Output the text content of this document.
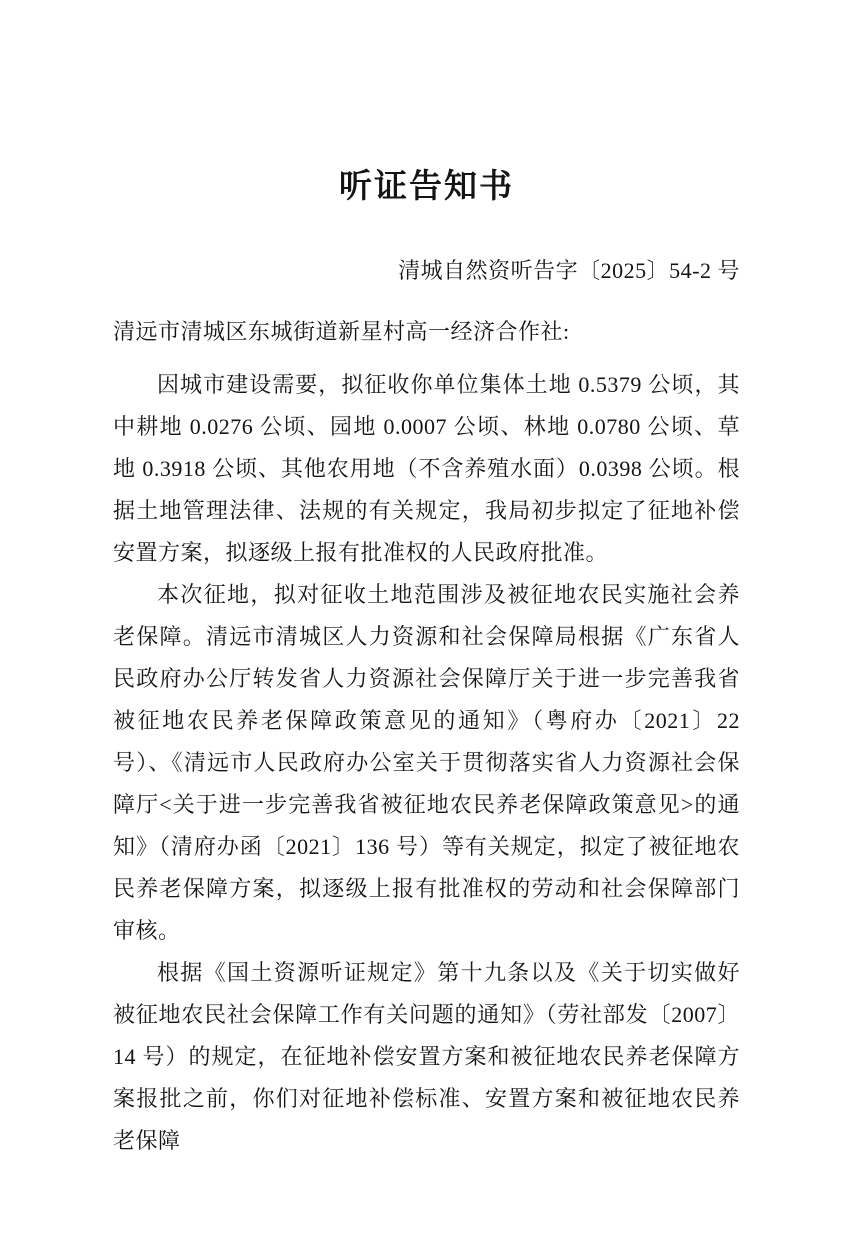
听证告知书
清城自然资听告字〔2025〕54-2 号
清远市清城区东城街道新星村高一经济合作社:

因城市建设需要，拟征收你单位集体土地 0.5379 公顷，其中耕地 0.0276 公顷、园地 0.0007 公顷、林地 0.0780 公顷、草地 0.3918 公顷、其他农用地（不含养殖水面）0.0398 公顷。根据土地管理法律、法规的有关规定，我局初步拟定了征地补偿安置方案，拟逐级上报有批准权的人民政府批准。

本次征地，拟对征收土地范围涉及被征地农民实施社会养老保障。清远市清城区人力资源和社会保障局根据《广东省人民政府办公厅转发省人力资源社会保障厅关于进一步完善我省被征地农民养老保障政策意见的通知》（粤府办〔2021〕22 号）、《清远市人民政府办公室关于贯彻落实省人力资源社会保障厅<关于进一步完善我省被征地农民养老保障政策意见>的通知》（清府办函〔2021〕136 号）等有关规定，拟定了被征地农民养老保障方案，拟逐级上报有批准权的劳动和社会保障部门审核。

根据《国土资源听证规定》第十九条以及《关于切实做好被征地农民社会保障工作有关问题的通知》（劳社部发〔2007〕14 号）的规定，在征地补偿安置方案和被征地农民养老保障方案报批之前，你们对征地补偿标准、安置方案和被征地农民养老保障
